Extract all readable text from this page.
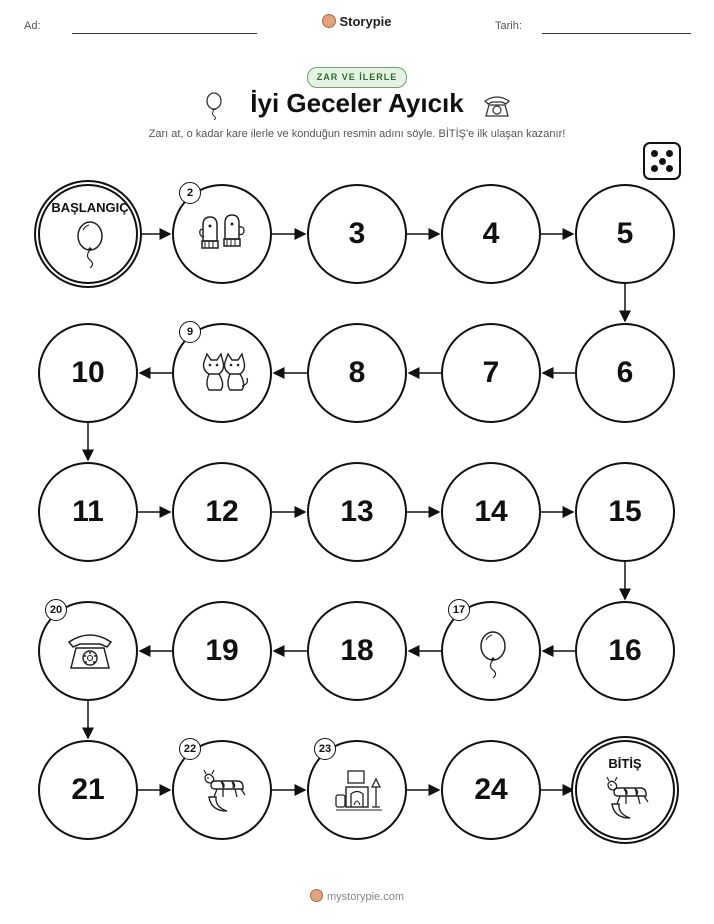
Ad:	Storypie	Tarih:
ZAR VE İLERLE
İyi Geceler Ayıcık
Zarı at, o kadar kare ilerle ve konduğun resmin adını söyle. BİTİŞ'e ilk ulaşan kazanır!
BAŞLANGIÇ
2
3	4	5
10
9
8	7	6
11	12	13	14	15
20
19	18
17
16
21
22	23
24
BİTİŞ
mystorypie.com
